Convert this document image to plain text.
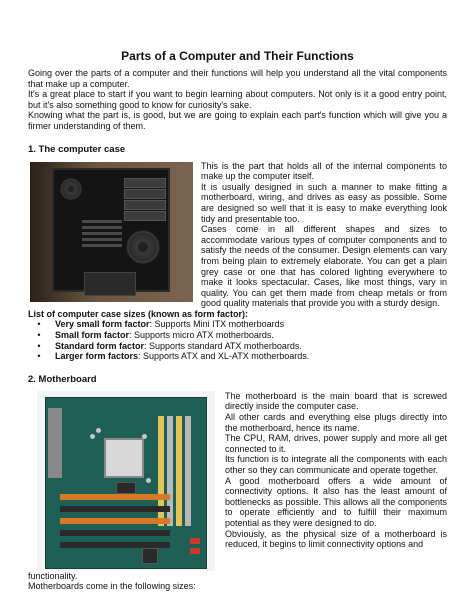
Parts of a Computer and Their Functions

Going over the parts of a computer and their functions will help you understand all the vital components that make up a computer.

It's a great place to start if you want to begin learning about computers. Not only is it a good entry point, but it's also something good to know for curiosity's sake.

Knowing what the part is, is good, but we are going to explain each part's function which will give you a firmer understanding of them.

1. The computer case

This is the part that holds all of the internal components to make up the computer itself.

It is usually designed in such a manner to make fitting a motherboard, wiring, and drives as easy as possible. Some are designed so well that it is easy to make everything look tidy and presentable too.

Cases come in all different shapes and sizes to accommodate various types of computer components and to satisfy the needs of the consumer. Design elements can vary from being plain to extremely elaborate. You can get a plain grey case or one that has colored lighting everywhere to make it looks spectacular. Cases, like most things, vary in quality. You can get them made from cheap metals or from good quality materials that provide you with a sturdy design.

List of computer case sizes (known as form factor):

• Very small form factor: Supports Mini ITX motherboards
• Small form factor: Supports micro ATX motherboards.
• Standard form factor: Supports standard ATX motherboards.
• Larger form factors: Supports ATX and XL-ATX motherboards.
2. Motherboard

The motherboard is the main board that is screwed directly inside the computer case.

All other cards and everything else plugs directly into the motherboard, hence its name.

The CPU, RAM, drives, power supply and more all get connected to it.

Its function is to integrate all the components with each other so they can communicate and operate together.

A good motherboard offers a wide amount of connectivity options. It also has the least amount of bottlenecks as possible. This allows all the components to operate efficiently and to fulfill their maximum potential as they were designed to do.

Obviously, as the physical size of a motherboard is reduced, it begins to limit connectivity options and

functionality.

Motherboards come in the following sizes:
